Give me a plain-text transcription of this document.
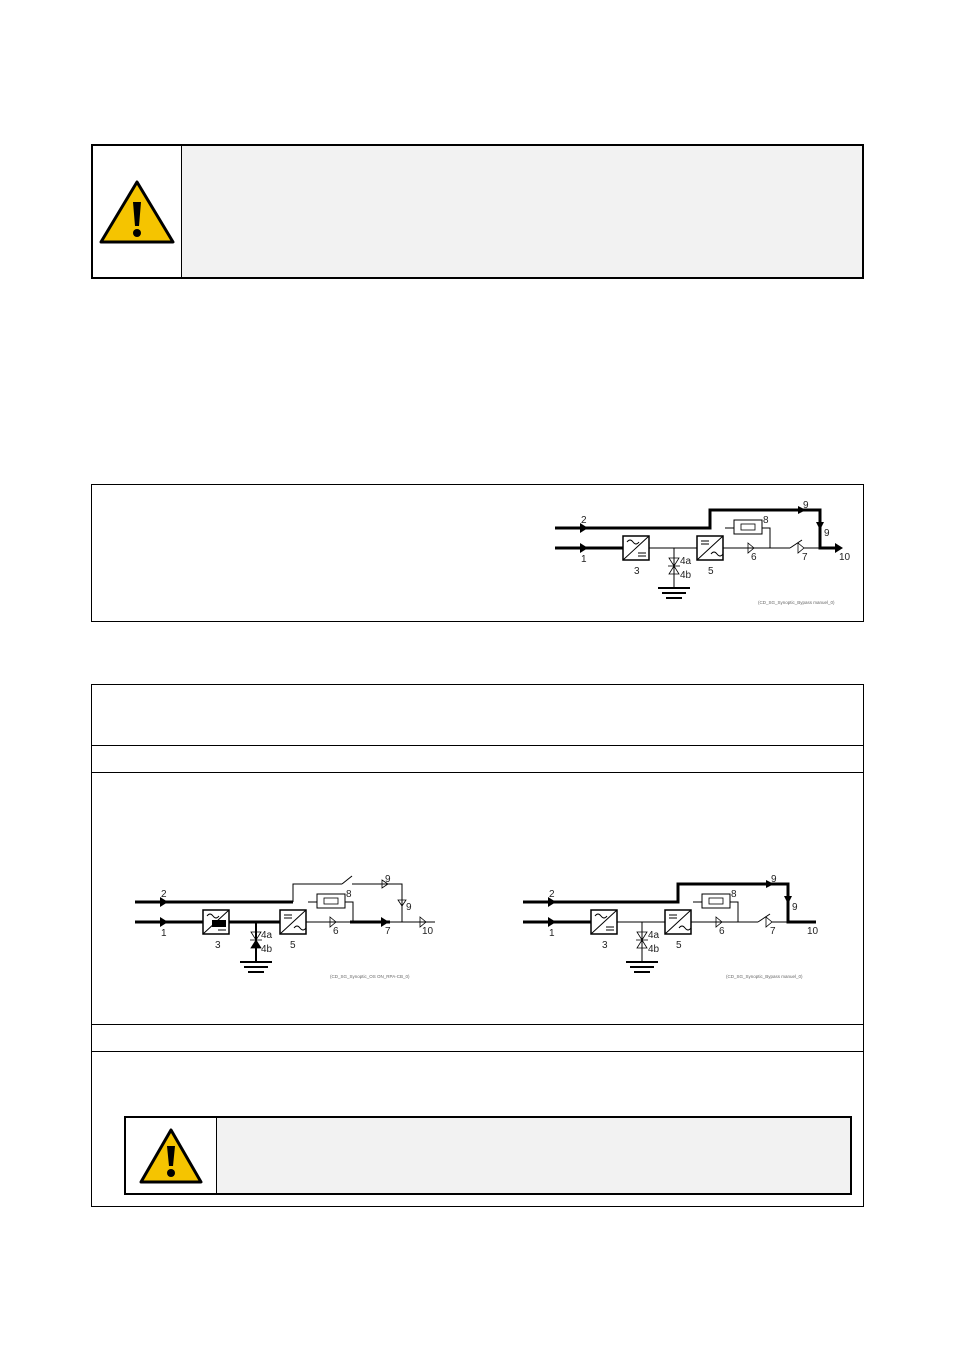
2
1
3
4a
4b 5
6	7
8
9
9
10
(CD_SG_Synoptic_Bypass manuel_0)
2
1
3
4a
4b 5
6	7
8
9
9
10
(CD_SG_Synoptic_OS ON_RPA-CB_0)
2
1
3
4a
4b 5
6	7
8
9
9
10
(CD_SG_Synoptic_Bypass manuel_0)
